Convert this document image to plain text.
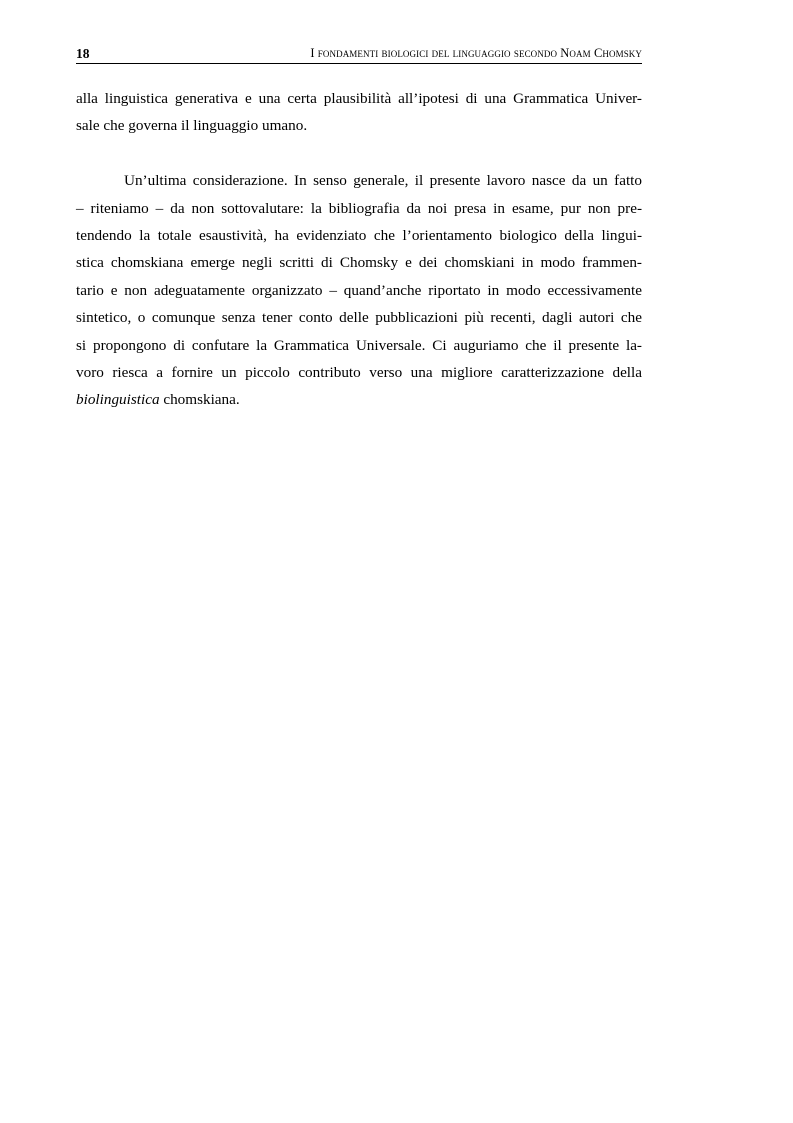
18	I fondamenti biologici del linguaggio secondo Noam Chomsky

alla linguistica generativa e una certa plausibilità all’ipotesi di una Grammatica Univer-
sale che governa il linguaggio umano.

Un’ultima considerazione. In senso generale, il presente lavoro nasce da un fatto
– riteniamo – da non sottovalutare: la bibliografia da noi presa in esame, pur non pre-
tendendo la totale esaustività, ha evidenziato che l’orientamento biologico della lingui-
stica chomskiana emerge negli scritti di Chomsky e dei chomskiani in modo frammen-
tario e non adeguatamente organizzato – quand’anche riportato in modo eccessivamente
sintetico, o comunque senza tener conto delle pubblicazioni più recenti, dagli autori che
si propongono di confutare la Grammatica Universale. Ci auguriamo che il presente la-
voro riesca a fornire un piccolo contributo verso una migliore caratterizzazione della
biolinguistica chomskiana.
